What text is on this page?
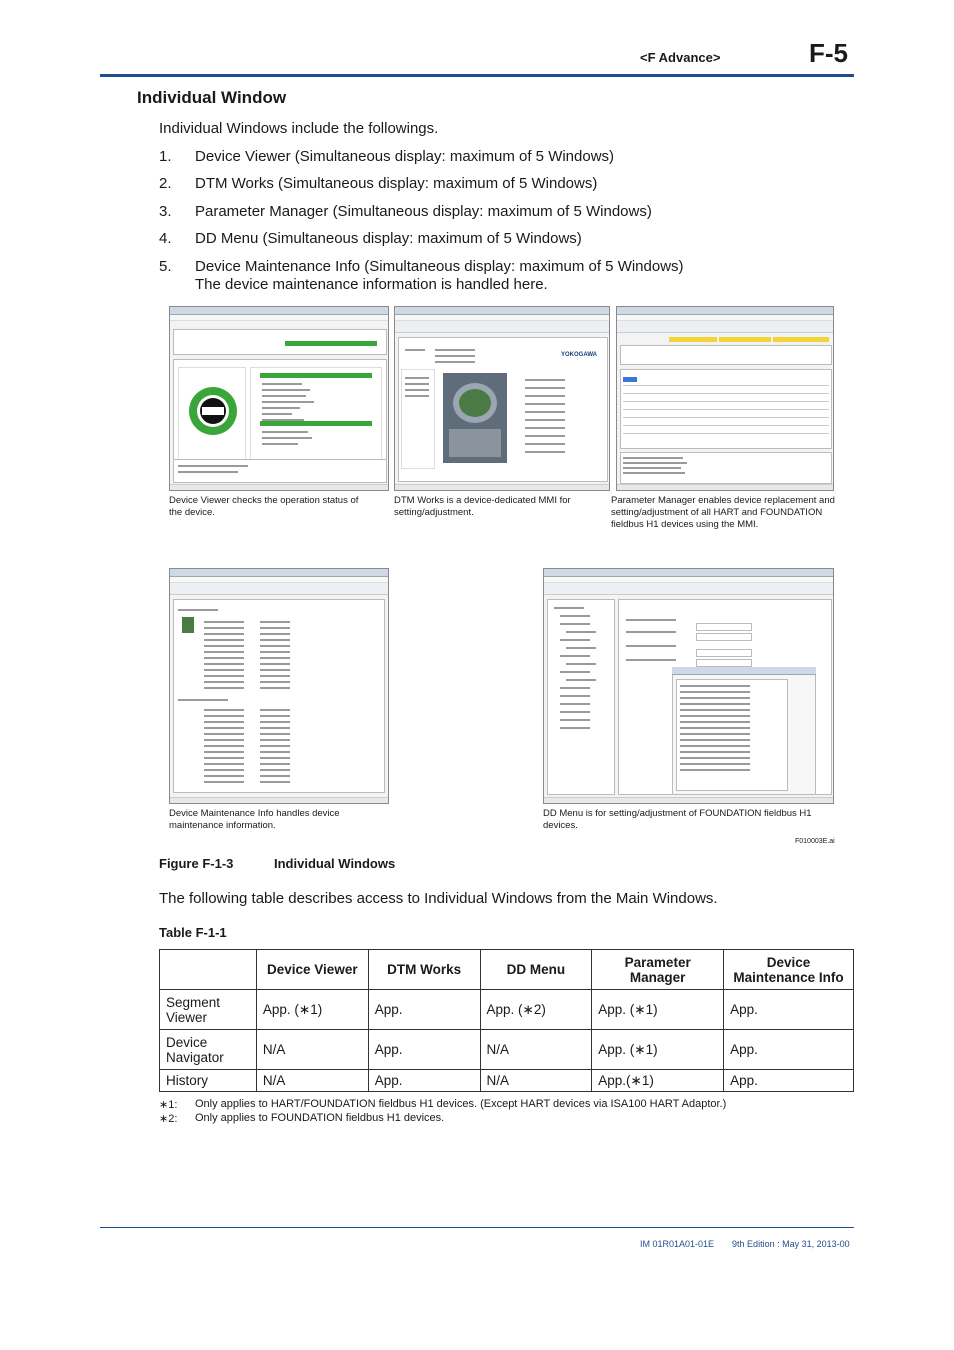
<F Advance>	F-5
Individual Window
Individual Windows include the followings.
1. Device Viewer (Simultaneous display: maximum of 5 Windows)
2. DTM Works (Simultaneous display: maximum of 5 Windows)
3. Parameter Manager (Simultaneous display: maximum of 5 Windows)
4. DD Menu (Simultaneous display: maximum of 5 Windows)
5. Device Maintenance Info (Simultaneous display: maximum of 5 Windows)
The device maintenance information is handled here.
YOKOGAWA
Device Viewer checks the operation status of the device.
DTM Works is a device-dedicated MMI for setting/adjustment.
Parameter Manager enables device replacement and setting/adjustment of all HART and FOUNDATION fieldbus H1 devices using the MMI.
Device Maintenance Info handles device maintenance information.
DD Menu is for setting/adjustment of FOUNDATION fieldbus H1 devices.
F010003E.ai
Figure F-1-3	Individual Windows
The following table describes access to Individual Windows from the Main Windows.
Table F-1-1
	Device Viewer	DTM Works	DD Menu	Parameter Manager	Device Maintenance Info
Segment Viewer	App. (∗1)	App.	App. (∗2)	App. (∗1)	App.
Device Navigator	N/A	App.	N/A	App. (∗1)	App.
History	N/A	App.	N/A	App.(∗1)	App.
∗1: Only applies to HART/FOUNDATION fieldbus H1 devices. (Except HART devices via ISA100 HART Adaptor.)
∗2: Only applies to FOUNDATION fieldbus H1 devices.
IM 01R01A01-01E 9th Edition : May 31, 2013-00
